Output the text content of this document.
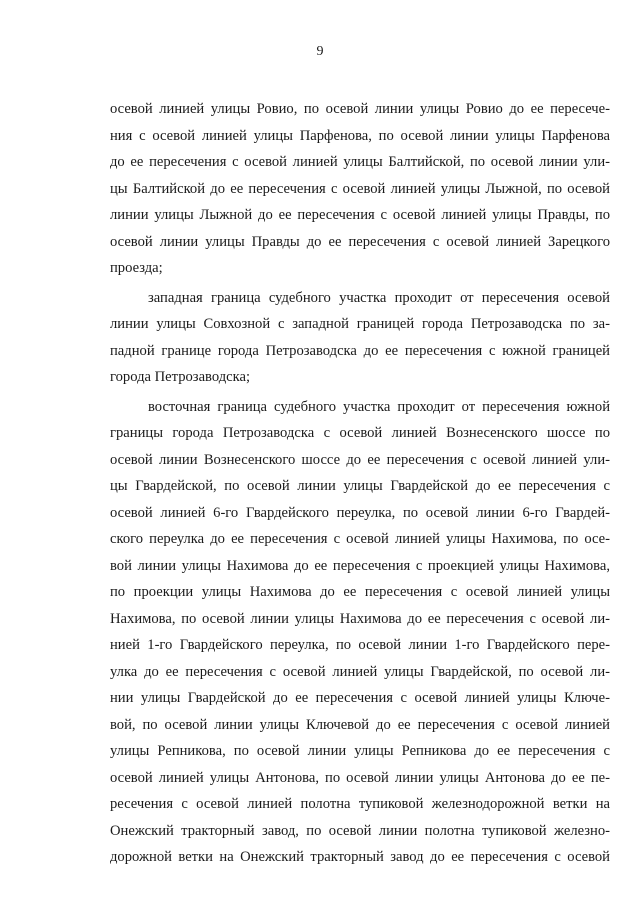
9
осевой линией улицы Ровио, по осевой линии улицы Ровио до ее пересече-
ния с осевой линией улицы Парфенова, по осевой линии улицы Парфенова
до ее пересечения с осевой линией улицы Балтийской, по осевой линии ули-
цы Балтийской до ее пересечения с осевой линией улицы Лыжной, по осевой
линии улицы Лыжной до ее пересечения с осевой линией улицы Правды, по
осевой линии улицы Правды до ее пересечения с осевой линией Зарецкого
проезда;
западная граница судебного участка проходит от пересечения осевой
линии улицы Совхозной с западной границей города Петрозаводска по за-
падной границе города Петрозаводска до ее пересечения с южной границей
города Петрозаводска;
восточная граница судебного участка проходит от пересечения южной
границы города Петрозаводска с осевой линией Вознесенского шоссе по
осевой линии Вознесенского шоссе до ее пересечения с осевой линией ули-
цы Гвардейской, по осевой линии улицы Гвардейской до ее пересечения с
осевой линией 6-го Гвардейского переулка, по осевой линии 6-го Гвардей-
ского переулка до ее пересечения с осевой линией улицы Нахимова, по осе-
вой линии улицы Нахимова до ее пересечения с проекцией улицы Нахимова,
по проекции улицы Нахимова до ее пересечения с осевой линией улицы
Нахимова, по осевой линии улицы Нахимова до ее пересечения с осевой ли-
нией 1-го Гвардейского переулка, по осевой линии 1-го Гвардейского пере-
улка до ее пересечения с осевой линией улицы Гвардейской, по осевой ли-
нии улицы Гвардейской до ее пересечения с осевой линией улицы Ключе-
вой, по осевой линии улицы Ключевой до ее пересечения с осевой линией
улицы Репникова, по осевой линии улицы Репникова до ее пересечения с
осевой линией улицы Антонова, по осевой линии улицы Антонова до ее пе-
ресечения с осевой линией полотна тупиковой железнодорожной ветки на
Онежский тракторный завод, по осевой линии полотна тупиковой железно-
дорожной ветки на Онежский тракторный завод до ее пересечения с осевой
